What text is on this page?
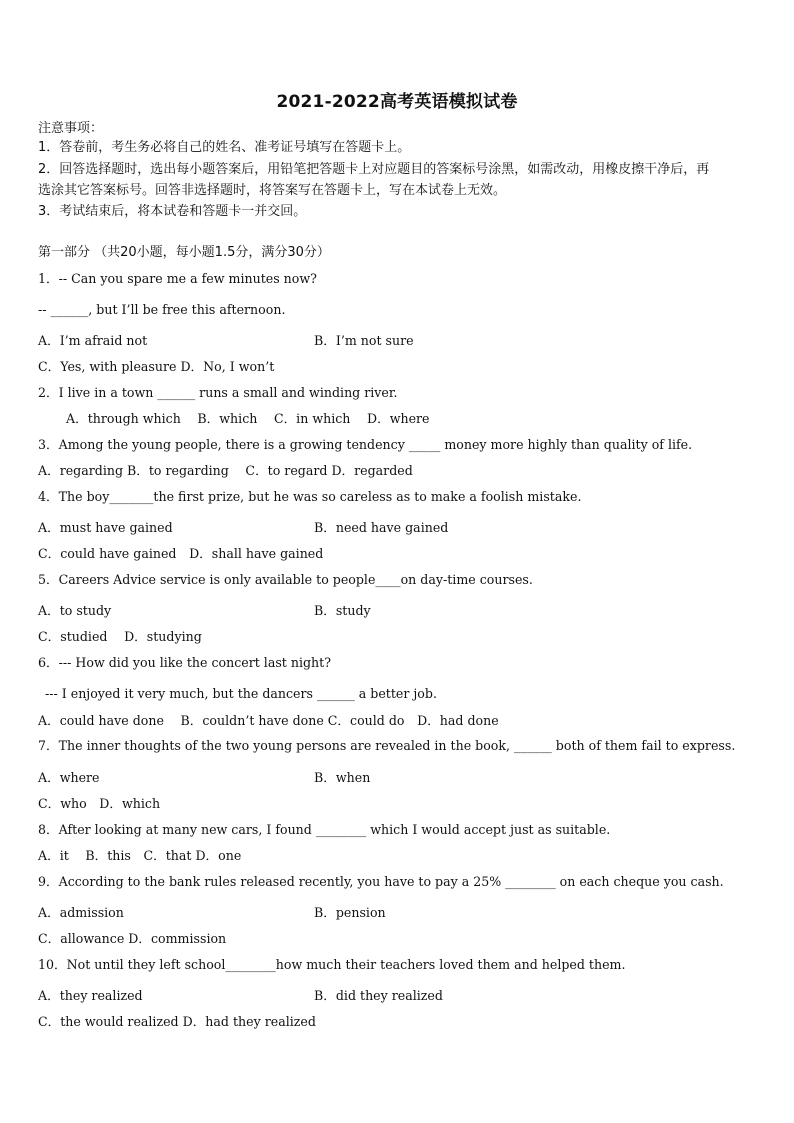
2021-2022高考英语模拟试卷
注意事项：
1．答卷前，考生务必将自己的姓名、准考证号填写在答题卡上。
2．回答选择题时，选出每小题答案后，用铅笔把答题卡上对应题目的答案标号涂黑，如需改动，用橡皮擦干净后，再
选涂其它答案标号。回答非选择题时，将答案写在答题卡上，写在本试卷上无效。
3．考试结束后，将本试卷和答题卡一并交回。
第一部分 （共20小题，每小题1.5分，满分30分）
1．-- Can you spare me a few minutes now?
-- ______, but I’ll be free this afternoon.
A．I’m afraid not	B．I’m not sure
C．Yes, with pleasure D．No, I won’t
2．I live in a town ______ runs a small and winding river.
A．through which　 B．which　 C．in which　 D．where
3．Among the young people, there is a growing tendency _____ money more highly than quality of life.
A．regarding B．to regarding　 C．to regard D．regarded
4．The boy_______the first prize, but he was so careless as to make a foolish mistake.
A．must have gained	B．need have gained
C．could have gained　D．shall have gained
5．Careers Advice service is only available to people____on day-time courses.
A．to study	B．study
C．studied　 D．studying
6．--- How did you like the concert last night?
--- I enjoyed it very much, but the dancers ______ a better job.
A．could have done　 B．couldn’t have done C．could do　D．had done
7．The inner thoughts of the two young persons are revealed in the book, ______ both of them fail to express.
A．where	B．when
C．who　D．which
8．After looking at many new cars, I found ________ which I would accept just as suitable.
A．it　 B．this　C．that D．one
9．According to the bank rules released recently, you have to pay a 25% ________ on each cheque you cash.
A．admission	B．pension
C．allowance D．commission
10．Not until they left school________how much their teachers loved them and helped them.
A．they realized	B．did they realized
C．the would realized D．had they realized
